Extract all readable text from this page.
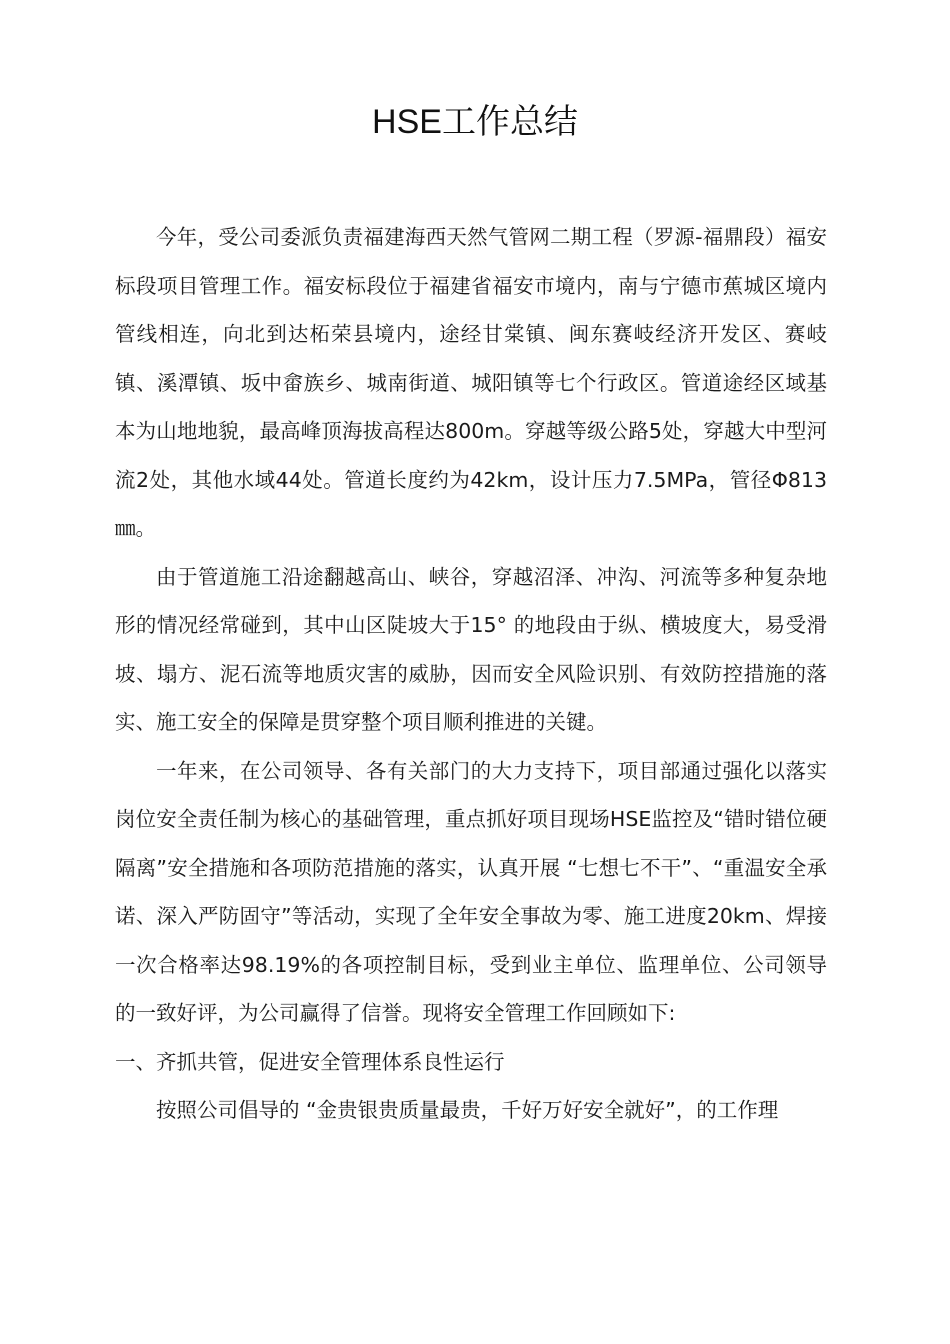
HSE工作总结

今年，受公司委派负责福建海西天然气管网二期工程（罗源-福鼎段）福安标段项目管理工作。福安标段位于福建省福安市境内，南与宁德市蕉城区境内管线相连，向北到达柘荣县境内，途经甘棠镇、闽东赛岐经济开发区、赛岐镇、溪潭镇、坂中畲族乡、城南街道、城阳镇等七个行政区。管道途经区域基本为山地地貌，最高峰顶海拔高程达800m。穿越等级公路5处，穿越大中型河流2处，其他水域44处。管道长度约为42km，设计压力7.5MPa，管径Φ813㎜。

由于管道施工沿途翻越高山、峡谷，穿越沼泽、冲沟、河流等多种复杂地形的情况经常碰到，其中山区陡坡大于15° 的地段由于纵、横坡度大，易受滑坡、塌方、泥石流等地质灾害的威胁，因而安全风险识别、有效防控措施的落实、施工安全的保障是贯穿整个项目顺利推进的关键。

一年来，在公司领导、各有关部门的大力支持下，项目部通过强化以落实岗位安全责任制为核心的基础管理，重点抓好项目现场HSE监控及“错时错位硬隔离”安全措施和各项防范措施的落实，认真开展 “七想七不干”、“重温安全承诺、深入严防固守”等活动，实现了全年安全事故为零、施工进度20km、焊接一次合格率达98.19%的各项控制目标，受到业主单位、监理单位、公司领导的一致好评，为公司赢得了信誉。现将安全管理工作回顾如下:

一、齐抓共管，促进安全管理体系良性运行

按照公司倡导的 “金贵银贵质量最贵，千好万好安全就好”，的工作理
